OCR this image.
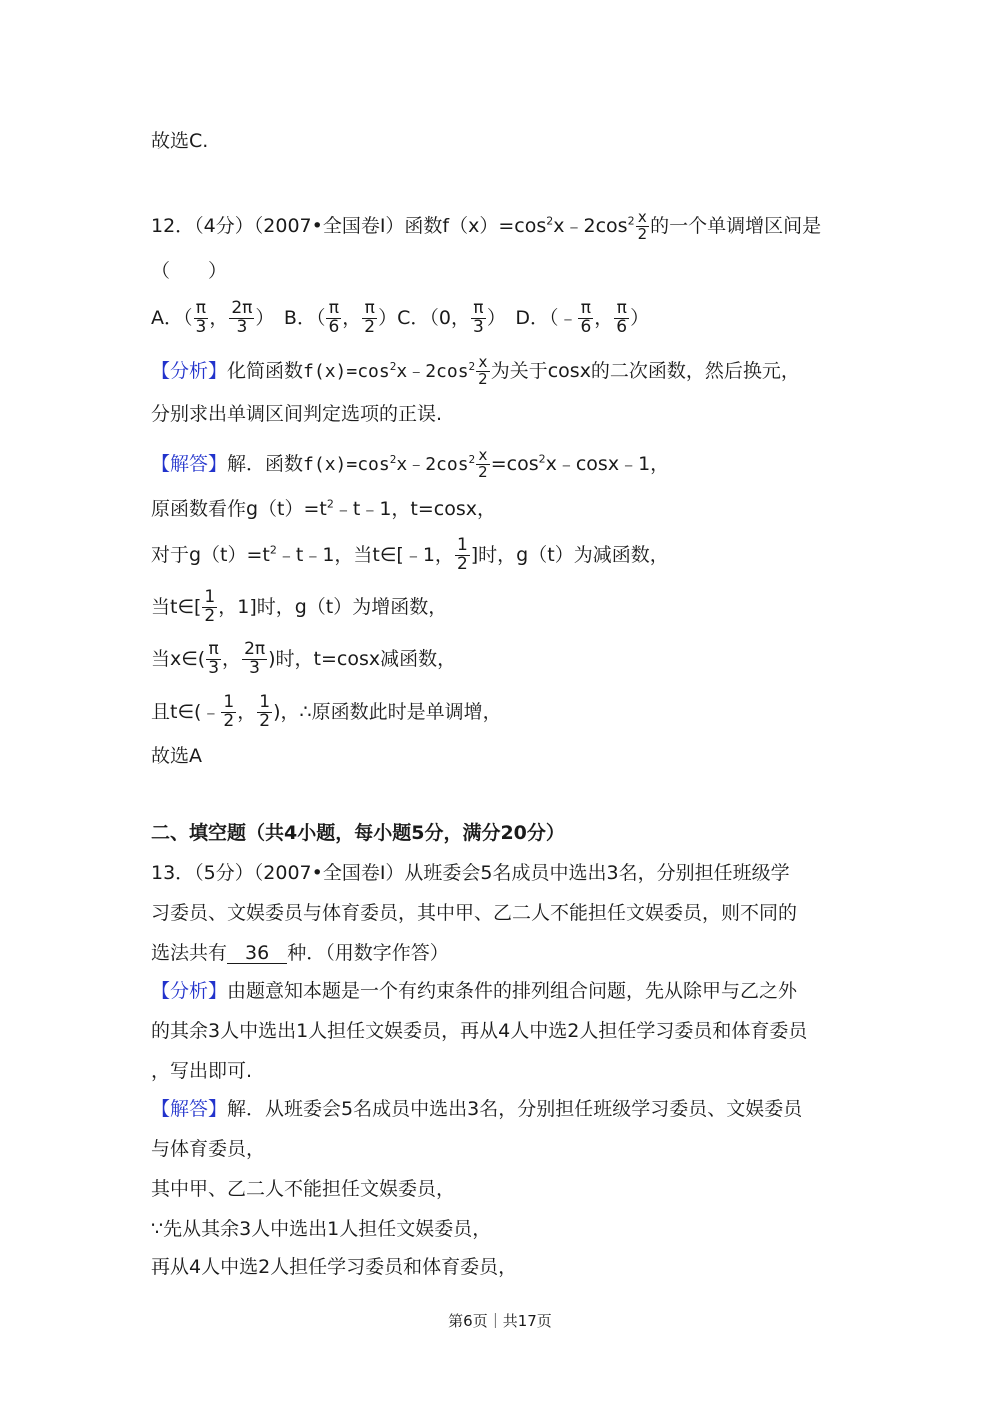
故选C.
12．（4分）（2007•全国卷Ⅰ）函数$f(x)=\cos^2x﹣2\cos^2 \frac{x}{2}$ 的一个单调增区间是
（　　）
A．（ $\frac{\pi}{3}$ ， $\frac{2\pi}{3}$ ）　B．（ $\frac{\pi}{6}$ ， $\frac{\pi}{2} )C$．（0， $\frac{\pi}{3}$ ）　D．（﹣ $\frac{\pi}{6}$ ， $\frac{\pi}{6}$ ）
【分析】化简函数$f(x)=\cos^2x﹣2\cos^2 \frac{x}{2}$ 为关于cosx的二次函数，然后换元，
分别求出单调区间判定选项的正误.
【解答】解．函数$f(x)=\cos^2x﹣2\cos^2 \frac{x}{2}$ $=\cos^2x﹣\cos x﹣1$，
原函数看作$g(t)=t^2﹣t﹣1$，t=cosx，
对于$g(t)=t^2﹣t﹣1$，当t∈[﹣1， $\frac{1}{2}$ ]时，g（t）为减函数，
当t∈[ $\frac{1}{2}$ ，1]时，g（t）为增函数，
当x∈( $\frac{\pi}{3}$ ， $\frac{2\pi}{3}$ )时，t=cosx减函数，
且t∈(﹣ $\frac{1}{2}$ ， $\frac{1}{2}$ )，∴原函数此时是单调增，
故选A
二、填空题（共4小题，每小题5分，满分20分）
13．（5分）（2007•全国卷Ⅰ）从班委会5名成员中选出3名，分别担任班级学
习委员、文娱委员与体育委员，其中甲、乙二人不能担任文娱委员，则不同的
选法共有 36 种．（用数字作答）
【分析】由题意知本题是一个有约束条件的排列组合问题，先从除甲与乙之外
的其余3人中选出1人担任文娱委员，再从4人中选2人担任学习委员和体育委员
，写出即可.
【解答】解．从班委会5名成员中选出3名，分别担任班级学习委员、文娱委员
与体育委员，
其中甲、乙二人不能担任文娱委员，
∵先从其余3人中选出1人担任文娱委员，
再从4人中选2人担任学习委员和体育委员，
第6页｜共17页
